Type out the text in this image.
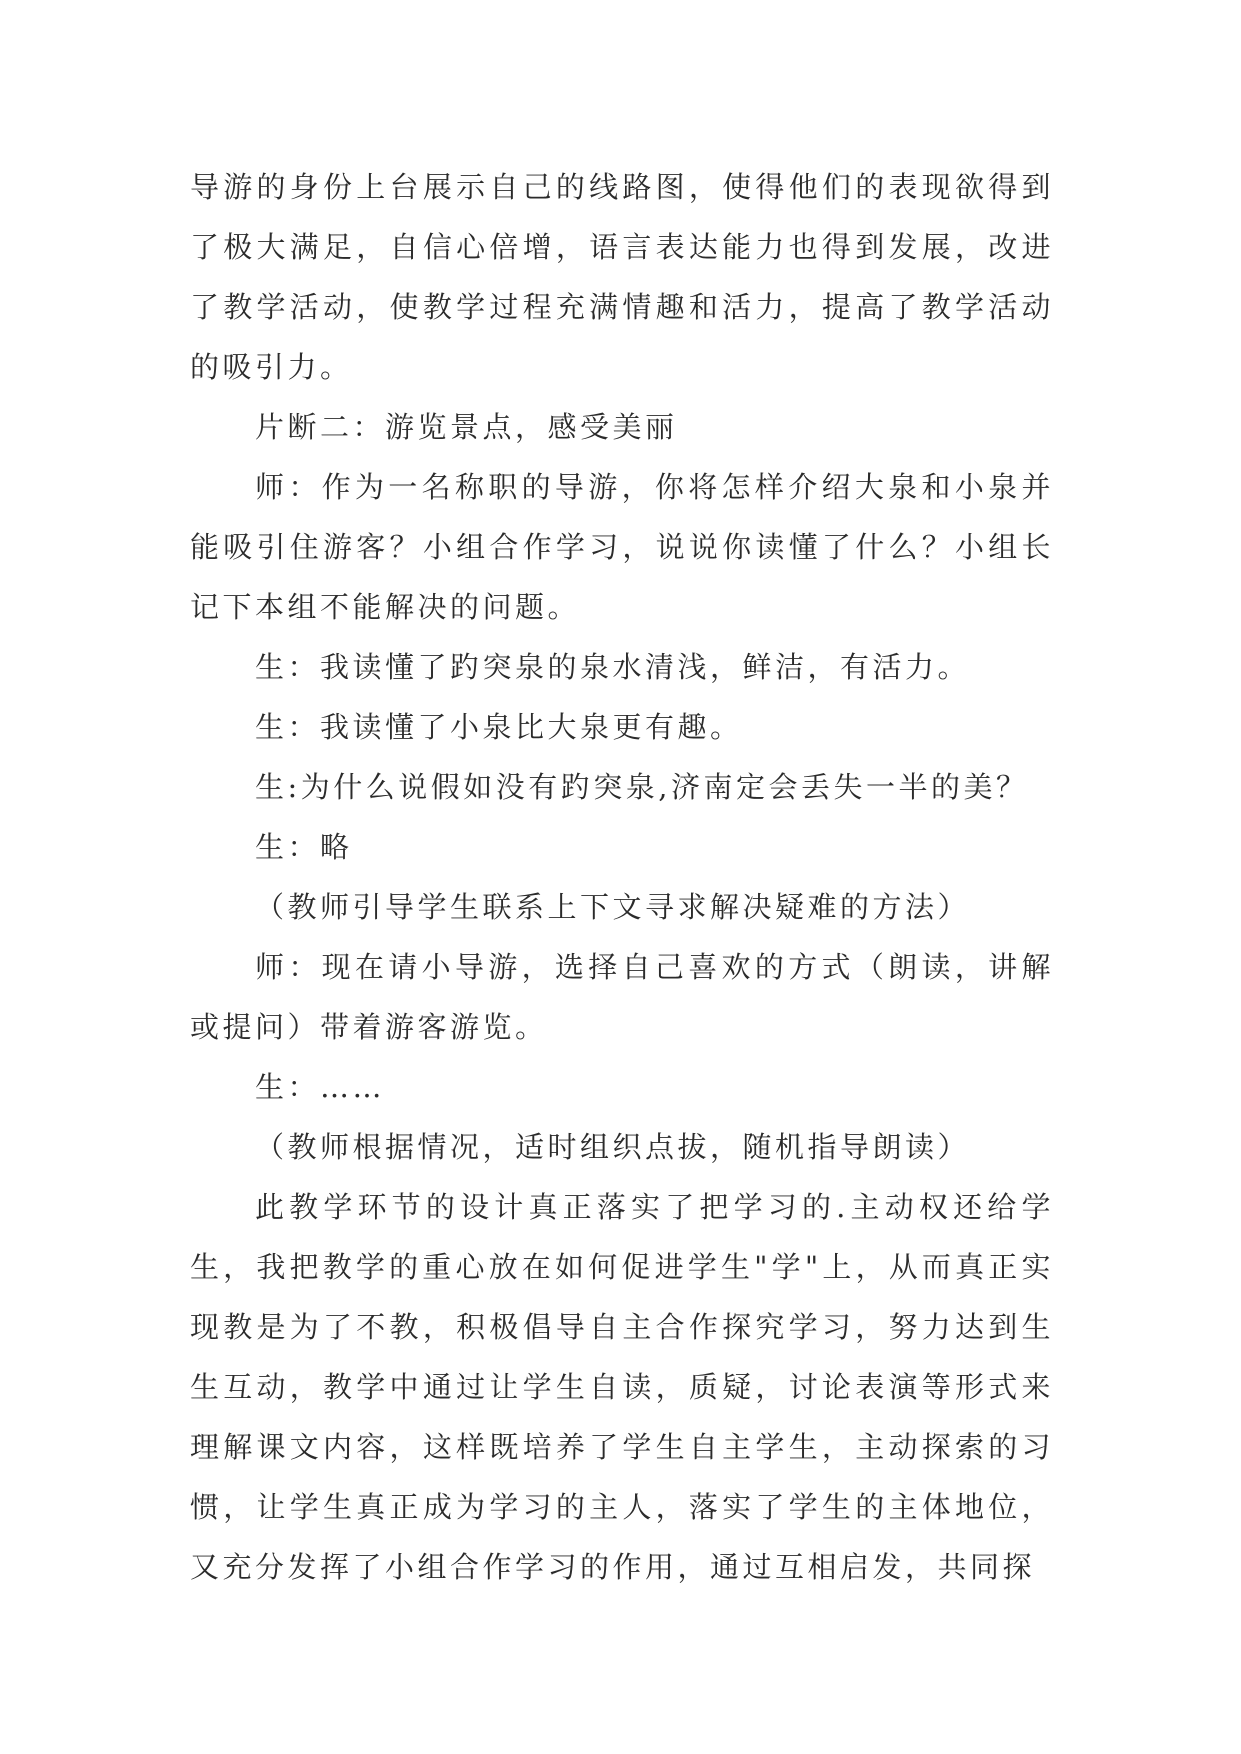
导游的身份上台展示自己的线路图，使得他们的表现欲得到了极大满足，自信心倍增，语言表达能力也得到发展，改进了教学活动，使教学过程充满情趣和活力，提高了教学活动的吸引力。

片断二：游览景点，感受美丽

师：作为一名称职的导游，你将怎样介绍大泉和小泉并能吸引住游客？小组合作学习，说说你读懂了什么？小组长记下本组不能解决的问题。

生：我读懂了趵突泉的泉水清浅，鲜洁，有活力。

生：我读懂了小泉比大泉更有趣。

生:为什么说假如没有趵突泉,济南定会丢失一半的美？

生：略

（教师引导学生联系上下文寻求解决疑难的方法）

师：现在请小导游，选择自己喜欢的方式（朗读，讲解或提问）带着游客游览。

生：……

（教师根据情况，适时组织点拔，随机指导朗读）

此教学环节的设计真正落实了把学习的.主动权还给学生，我把教学的重心放在如何促进学生"学"上，从而真正实现教是为了不教，积极倡导自主合作探究学习，努力达到生生互动，教学中通过让学生自读，质疑，讨论表演等形式来理解课文内容，这样既培养了学生自主学生，主动探索的习惯，让学生真正成为学习的主人，落实了学生的主体地位，又充分发挥了小组合作学习的作用，通过互相启发，共同探
